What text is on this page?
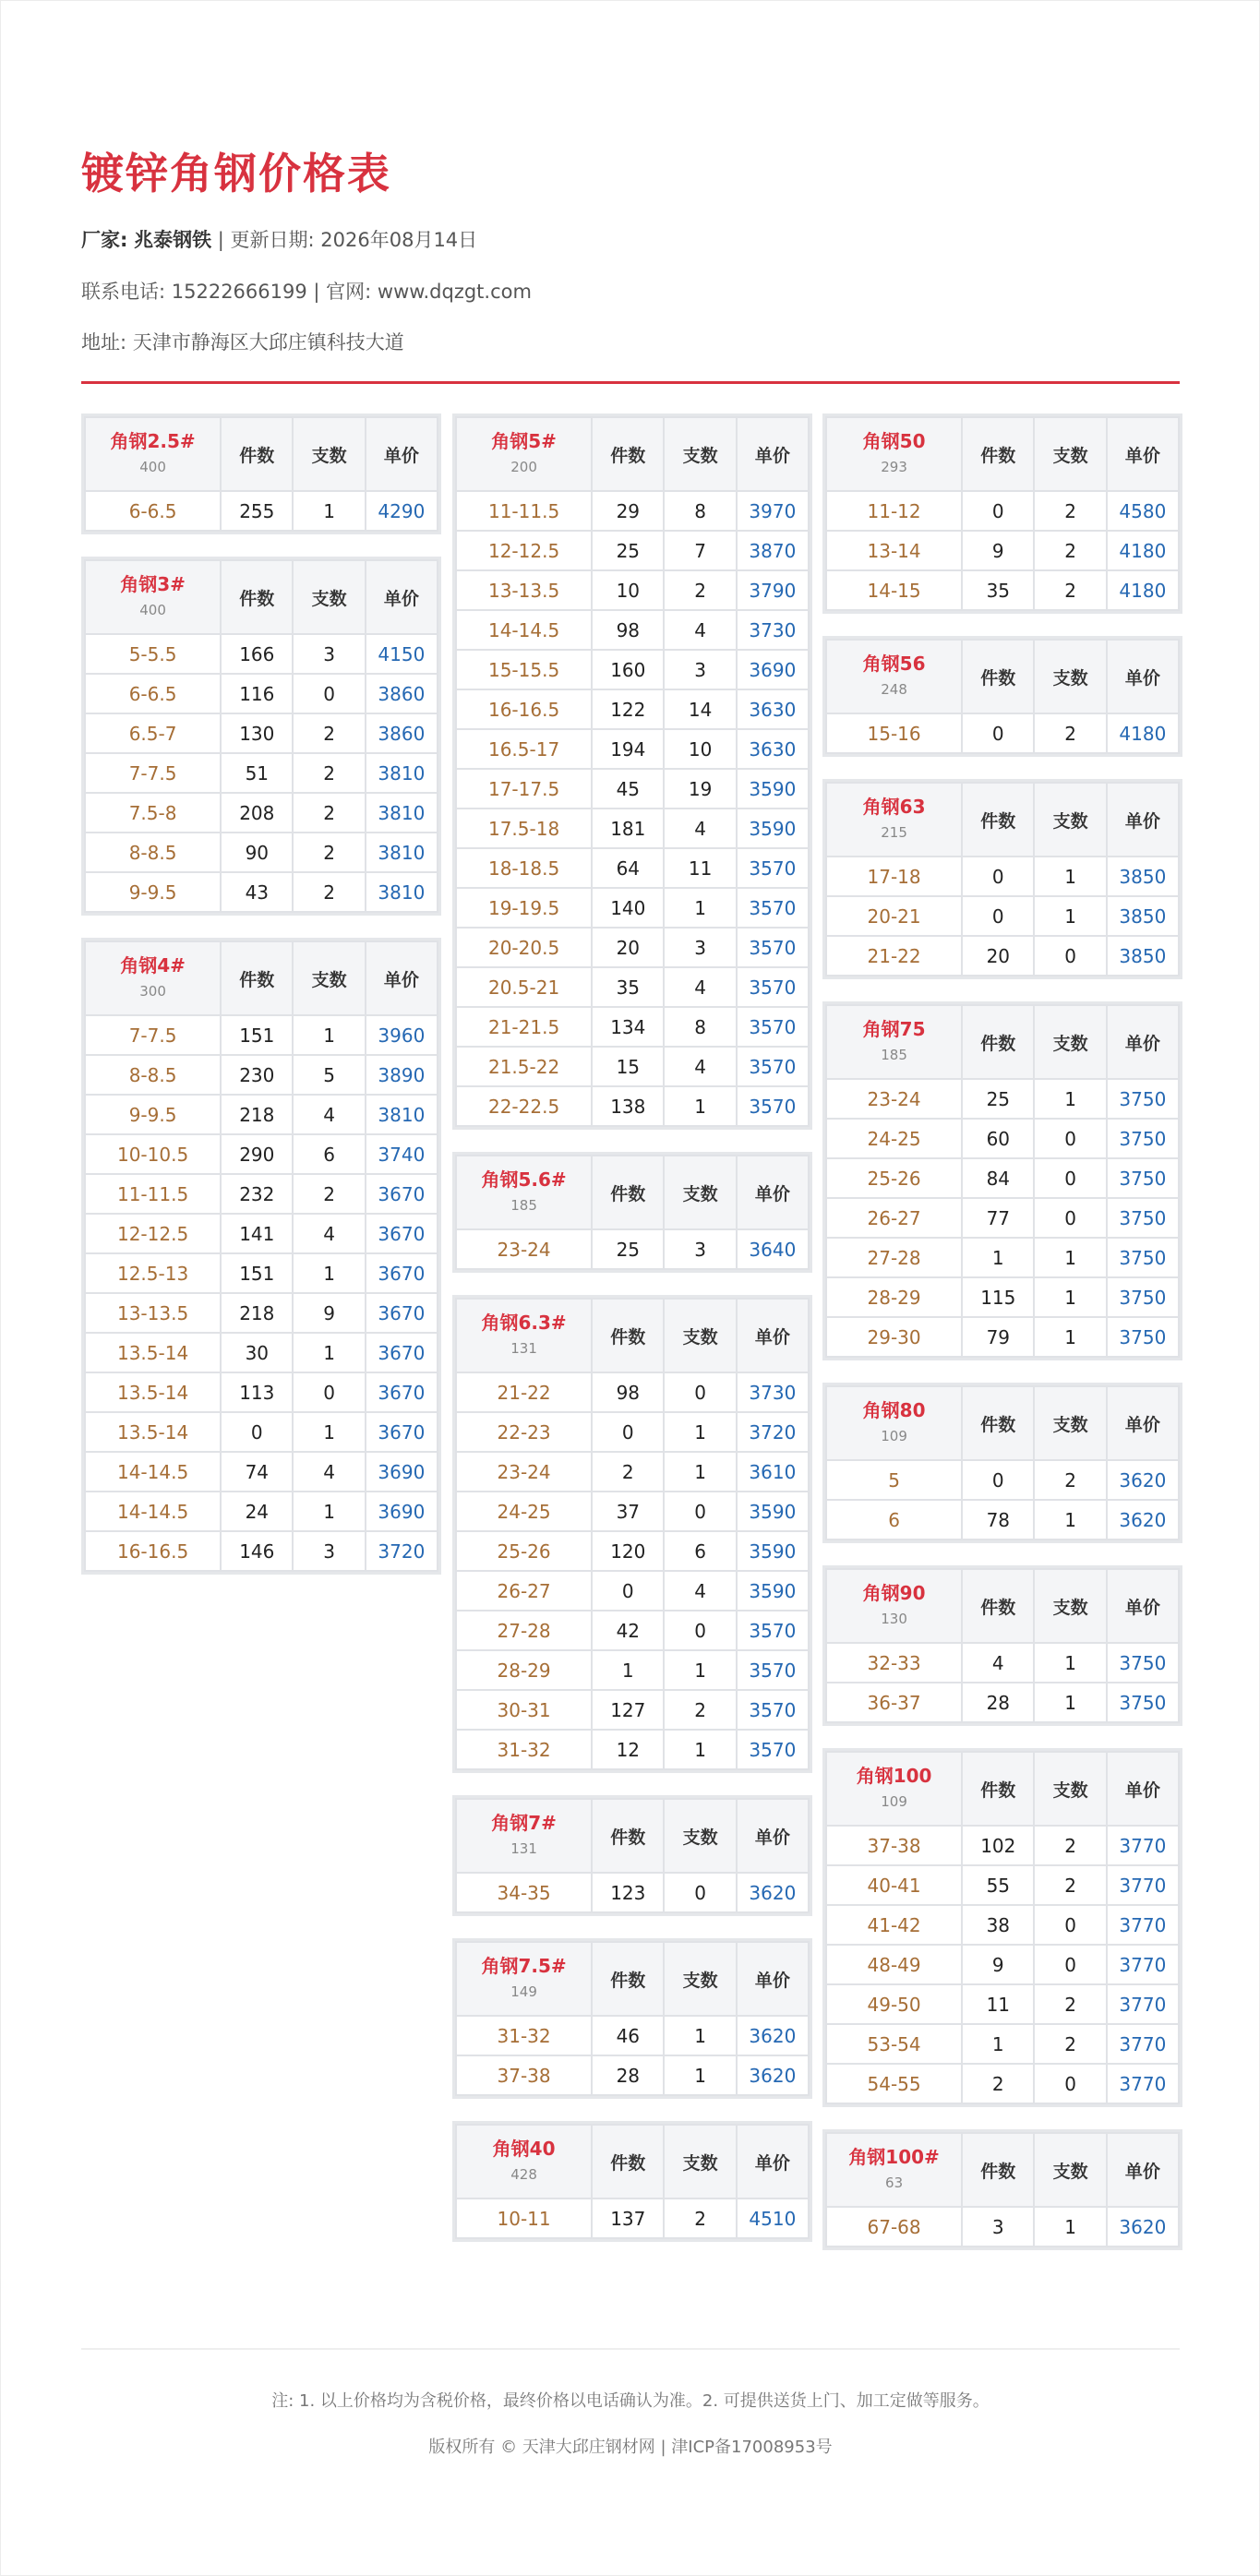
镀锌角钢价格表
厂家: 兆泰钢铁 | 更新日期: 2026年08月14日
联系电话: 15222666199 | 官网: www.dqzgt.com
地址: 天津市静海区大邱庄镇科技大道
角钢2.5#
400	件数	支数	单价
6-6.5	255	1	4290
角钢3#
400	件数	支数	单价
5-5.5	166	3	4150
6-6.5	116	0	3860
6.5-7	130	2	3860
7-7.5	51	2	3810
7.5-8	208	2	3810
8-8.5	90	2	3810
9-9.5	43	2	3810
角钢4#
300	件数	支数	单价
7-7.5	151	1	3960
8-8.5	230	5	3890
9-9.5	218	4	3810
10-10.5	290	6	3740
11-11.5	232	2	3670
12-12.5	141	4	3670
12.5-13	151	1	3670
13-13.5	218	9	3670
13.5-14	30	1	3670
13.5-14	113	0	3670
13.5-14	0	1	3670
14-14.5	74	4	3690
14-14.5	24	1	3690
16-16.5	146	3	3720
角钢5#
200	件数	支数	单价
11-11.5	29	8	3970
12-12.5	25	7	3870
13-13.5	10	2	3790
14-14.5	98	4	3730
15-15.5	160	3	3690
16-16.5	122	14	3630
16.5-17	194	10	3630
17-17.5	45	19	3590
17.5-18	181	4	3590
18-18.5	64	11	3570
19-19.5	140	1	3570
20-20.5	20	3	3570
20.5-21	35	4	3570
21-21.5	134	8	3570
21.5-22	15	4	3570
22-22.5	138	1	3570
角钢5.6#
185	件数	支数	单价
23-24	25	3	3640
角钢6.3#
131	件数	支数	单价
21-22	98	0	3730
22-23	0	1	3720
23-24	2	1	3610
24-25	37	0	3590
25-26	120	6	3590
26-27	0	4	3590
27-28	42	0	3570
28-29	1	1	3570
30-31	127	2	3570
31-32	12	1	3570
角钢7#
131	件数	支数	单价
34-35	123	0	3620
角钢7.5#
149	件数	支数	单价
31-32	46	1	3620
37-38	28	1	3620
角钢40
428	件数	支数	单价
10-11	137	2	4510
角钢50
293	件数	支数	单价
11-12	0	2	4580
13-14	9	2	4180
14-15	35	2	4180
角钢56
248	件数	支数	单价
15-16	0	2	4180
角钢63
215	件数	支数	单价
17-18	0	1	3850
20-21	0	1	3850
21-22	20	0	3850
角钢75
185	件数	支数	单价
23-24	25	1	3750
24-25	60	0	3750
25-26	84	0	3750
26-27	77	0	3750
27-28	1	1	3750
28-29	115	1	3750
29-30	79	1	3750
角钢80
109	件数	支数	单价
5	0	2	3620
6	78	1	3620
角钢90
130	件数	支数	单价
32-33	4	1	3750
36-37	28	1	3750
角钢100
109	件数	支数	单价
37-38	102	2	3770
40-41	55	2	3770
41-42	38	0	3770
48-49	9	0	3770
49-50	11	2	3770
53-54	1	2	3770
54-55	2	0	3770
角钢100#
63	件数	支数	单价
67-68	3	1	3620
注: 1. 以上价格均为含税价格，最终价格以电话确认为准。2. 可提供送货上门、加工定做等服务。
版权所有 © 天津大邱庄钢材网 | 津ICP备17008953号
